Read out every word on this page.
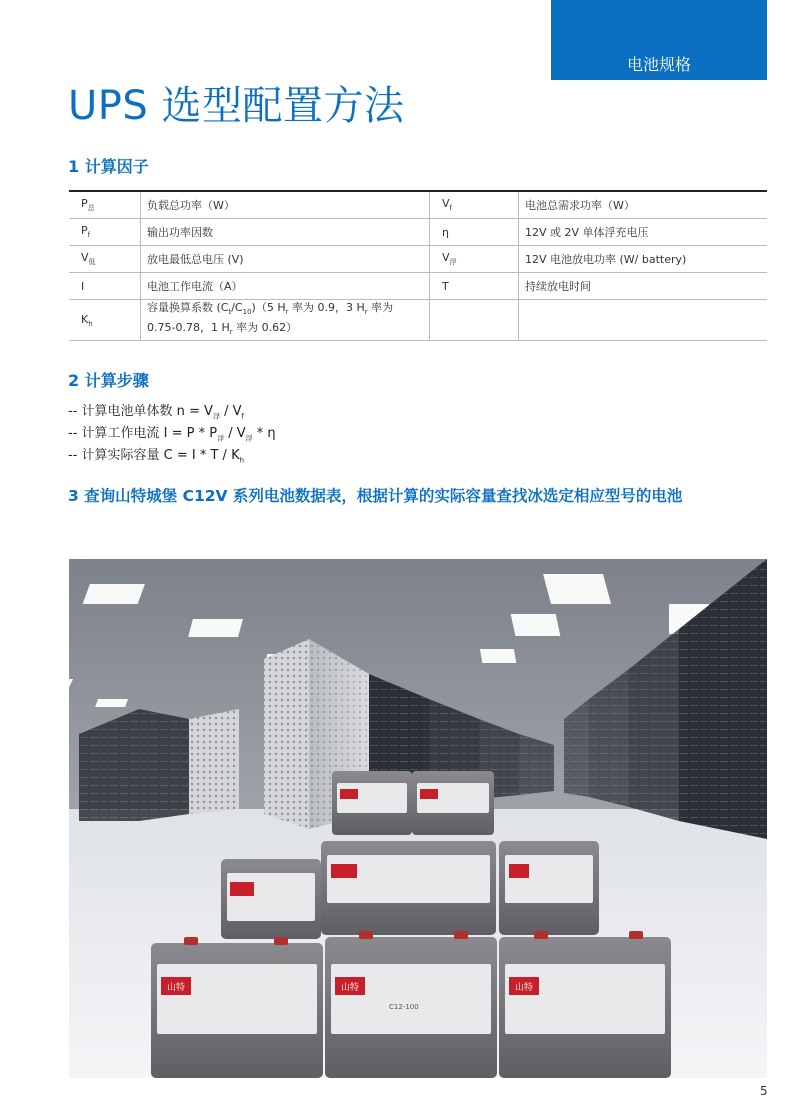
电池规格
UPS 选型配置方法
1 计算因子
$P_总$	负载总功率（W）	$V_f$	电池总需求功率（W）
$P_f$	输出功率因数	η	12V 或 2V 单体浮充电压
$V_低$	放电最低总电压 (V)	$V_浮$	12V 电池放电功率 (W/ battery)
I	电池工作电流（A）	T	持续放电时间
$K_h$	容量换算系数 $(C_t/C_{10})(5$ $H_r$ 率为 0.9，3 $H_r$ 率为 0.75-0.78，1 $H_r$ 率为 0.62）		
2 计算步骤
-- 计算电池单体数 $n = V_浮 / V_f$
-- 计算工作电流 $I = P * P_浮 / V_浮 * \eta$
-- 计算实际容量 $C = I * T / K_h$
3 查询山特城堡 C12V 系列电池数据表，根据计算的实际容量查找冰选定相应型号的电池
山特	山特	山特
C12-100
5
